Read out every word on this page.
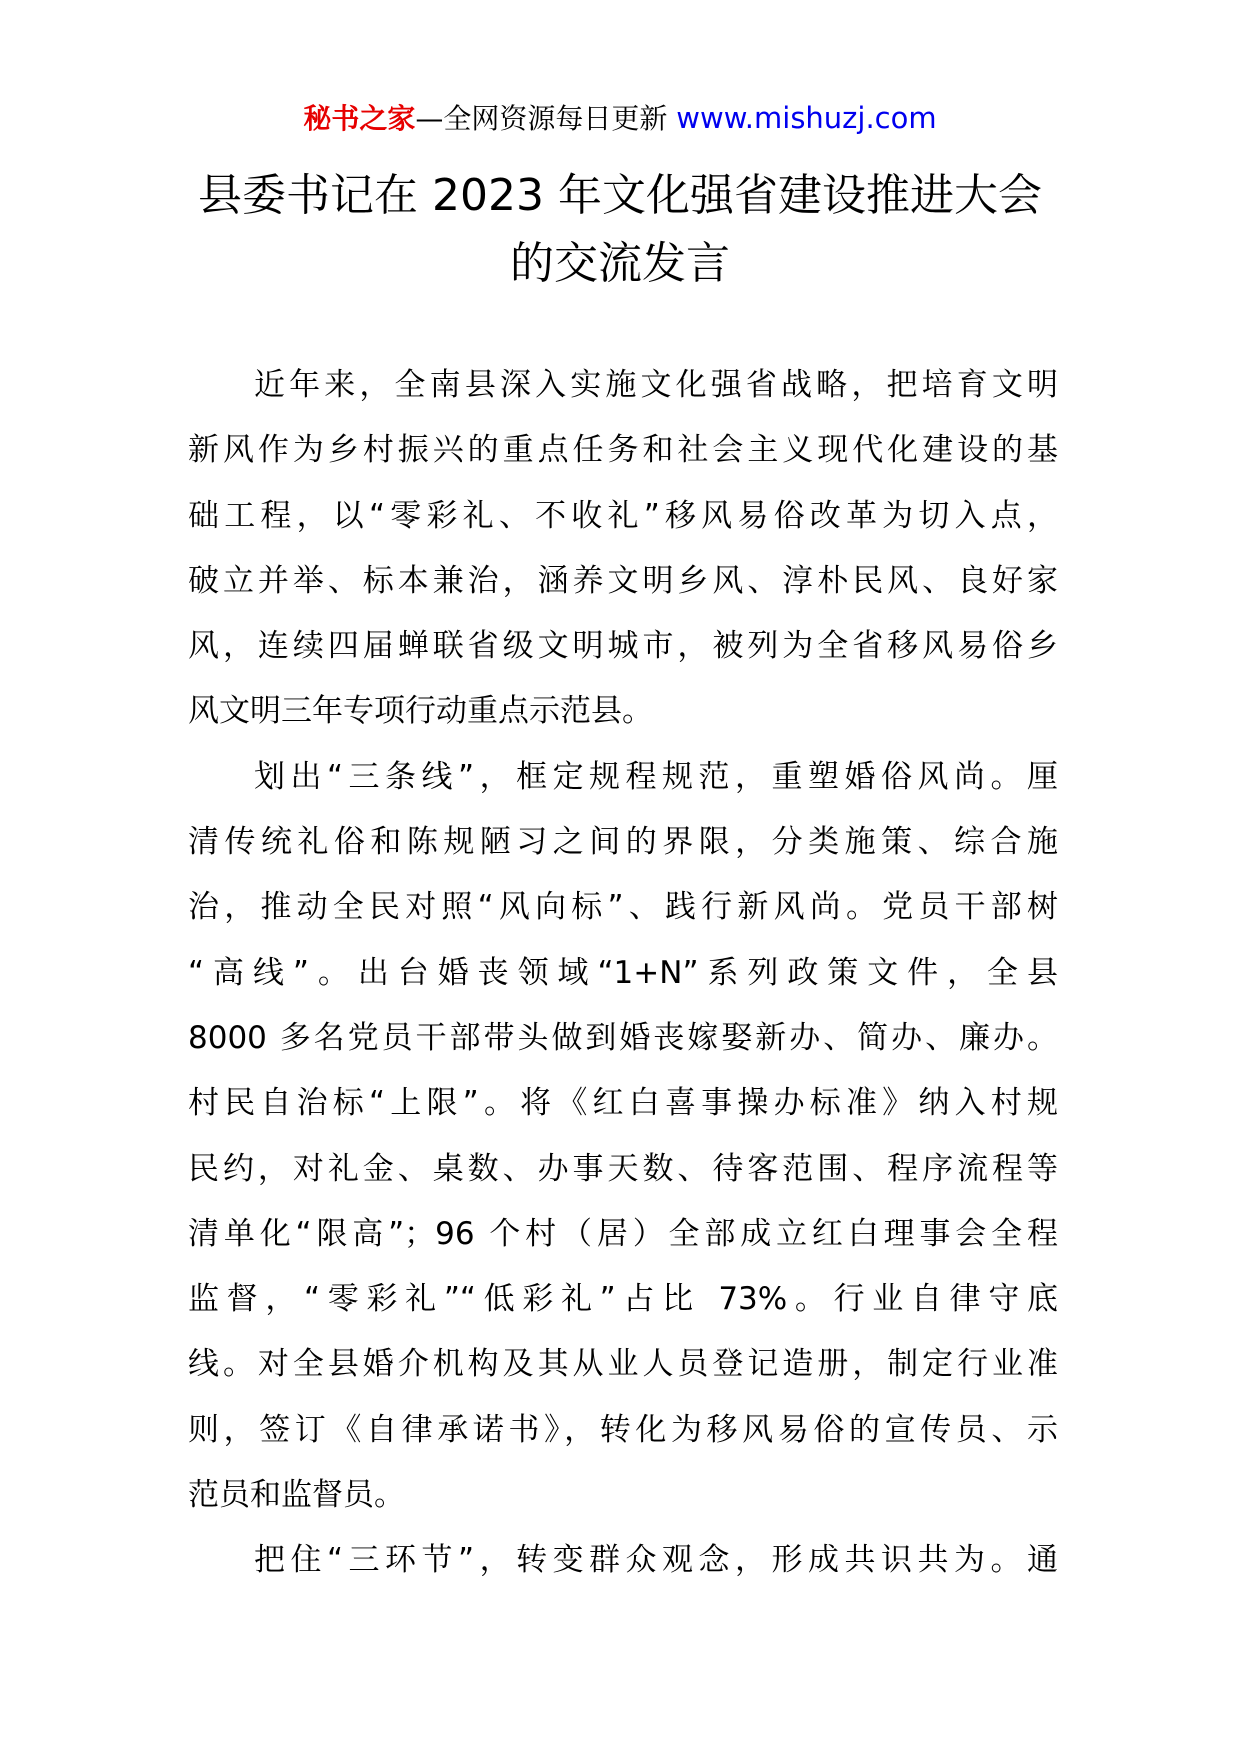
秘书之家—全网资源每日更新 www.mishuzj.com
县委书记在 2023 年文化强省建设推进大会
的交流发言
近年来，全南县深入实施文化强省战略，把培育文明
新风作为乡村振兴的重点任务和社会主义现代化建设的基
础工程，以“零彩礼、不收礼”移风易俗改革为切入点，
破立并举、标本兼治，涵养文明乡风、淳朴民风、良好家
风，连续四届蝉联省级文明城市，被列为全省移风易俗乡
风文明三年专项行动重点示范县。
划出“三条线”，框定规程规范，重塑婚俗风尚。厘
清传统礼俗和陈规陋习之间的界限，分类施策、综合施
治，推动全民对照“风向标”、践行新风尚。党员干部树
“高线”。出台婚丧领域“1+N”系列政策文件，全县
8000 多名党员干部带头做到婚丧嫁娶新办、简办、廉办。
村民自治标“上限”。将《红白喜事操办标准》纳入村规
民约，对礼金、桌数、办事天数、待客范围、程序流程等
清单化“限高”；96 个村（居）全部成立红白理事会全程
监督，“零彩礼”“低彩礼”占比 73%。行业自律守底
线。对全县婚介机构及其从业人员登记造册，制定行业准
则，签订《自律承诺书》，转化为移风易俗的宣传员、示
范员和监督员。
把住“三环节”，转变群众观念，形成共识共为。通
